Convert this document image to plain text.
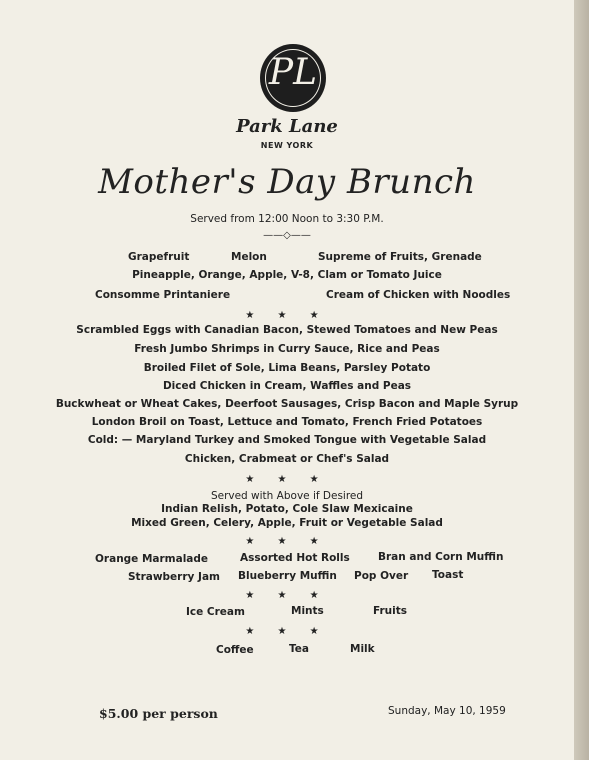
PL
Park Lane
NEW YORK
Mother's Day Brunch
Served from 12:00 Noon to 3:30 P.M.
——◇——
Grapefruit	Melon	Supreme of Fruits, Grenade
Pineapple, Orange, Apple, V-8, Clam or Tomato Juice
Consomme Printaniere	Cream of Chicken with Noodles
★ ★ ★
Scrambled Eggs with Canadian Bacon, Stewed Tomatoes and New Peas
Fresh Jumbo Shrimps in Curry Sauce, Rice and Peas
Broiled Filet of Sole, Lima Beans, Parsley Potato
Diced Chicken in Cream, Waffles and Peas
Buckwheat or Wheat Cakes, Deerfoot Sausages, Crisp Bacon and Maple Syrup
London Broil on Toast, Lettuce and Tomato, French Fried Potatoes
Cold: — Maryland Turkey and Smoked Tongue with Vegetable Salad
Chicken, Crabmeat or Chef's Salad
★ ★ ★
Served with Above if Desired
Indian Relish, Potato, Cole Slaw Mexicaine
Mixed Green, Celery, Apple, Fruit or Vegetable Salad
★ ★ ★
Orange Marmalade	Assorted Hot Rolls	Bran and Corn Muffin
Strawberry Jam Blueberry Muffin Pop Over Toast
★ ★ ★
Ice Cream	Mints	Fruits
★ ★ ★
Coffee	Tea	Milk
$5.00 per person	Sunday, May 10, 1959
